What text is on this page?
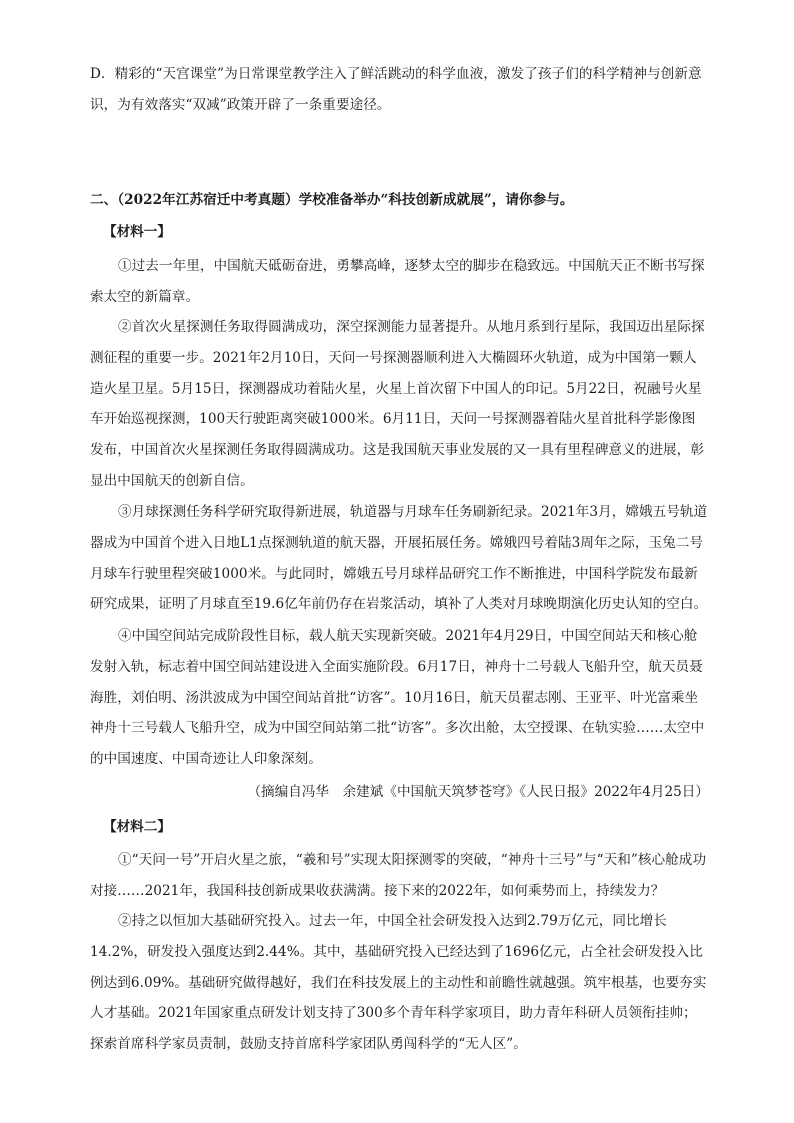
D．精彩的“天宫课堂”为日常课堂教学注入了鲜活跳动的科学血液，激发了孩子们的科学精神与创新意识，为有效落实“双减”政策开辟了一条重要途径。

二、（2022年江苏宿迁中考真题）学校准备举办“科技创新成就展”，请你参与。

【材料一】

①过去一年里，中国航天砥砺奋进，勇攀高峰，逐梦太空的脚步在稳致远。中国航天正不断书写探索太空的新篇章。

②首次火星探测任务取得圆满成功，深空探测能力显著提升。从地月系到行星际，我国迈出星际探测征程的重要一步。2021年2月10日，天问一号探测器顺利进入大椭圆环火轨道，成为中国第一颗人造火星卫星。5月15日，探测器成功着陆火星，火星上首次留下中国人的印记。5月22日，祝融号火星车开始巡视探测，100天行驶距离突破1000米。6月11日，天问一号探测器着陆火星首批科学影像图发布，中国首次火星探测任务取得圆满成功。这是我国航天事业发展的又一具有里程碑意义的进展，彰显出中国航天的创新自信。

③月球探测任务科学研究取得新进展，轨道器与月球车任务刷新纪录。2021年3月，嫦娥五号轨道器成为中国首个进入日地L1点探测轨道的航天器，开展拓展任务。嫦娥四号着陆3周年之际，玉兔二号月球车行驶里程突破1000米。与此同时，嫦娥五号月球样品研究工作不断推进，中国科学院发布最新研究成果，证明了月球直至19.6亿年前仍存在岩浆活动，填补了人类对月球晚期演化历史认知的空白。

④中国空间站完成阶段性目标，载人航天实现新突破。2021年4月29日，中国空间站天和核心舱发射入轨，标志着中国空间站建设进入全面实施阶段。6月17日，神舟十二号载人飞船升空，航天员聂海胜，刘伯明、汤洪波成为中国空间站首批“访客”。10月16日，航天员翟志刚、王亚平、叶光富乘坐神舟十三号载人飞船升空，成为中国空间站第二批“访客”。多次出舱，太空授课、在轨实验……太空中的中国速度、中国奇迹让人印象深刻。

（摘编自冯华　余建斌《中国航天筑梦苍穹》《人民日报》2022年4月25日）

【材料二】

①“天问一号”开启火星之旅，“羲和号”实现太阳探测零的突破，“神舟十三号”与“天和”核心舱成功对接……2021年，我国科技创新成果收获满满。接下来的2022年，如何乘势而上，持续发力？

②持之以恒加大基础研究投入。过去一年，中国全社会研发投入达到2.79万亿元，同比增长14.2%，研发投入强度达到2.44%。其中，基础研究投入已经达到了1696亿元，占全社会研发投入比例达到6.09%。基础研究做得越好，我们在科技发展上的主动性和前瞻性就越强。筑牢根基，也要夯实人才基础。2021年国家重点研发计划支持了300多个青年科学家项目，助力青年科研人员领衔挂帅；探索首席科学家员责制，鼓励支持首席科学家团队勇闯科学的“无人区”。
